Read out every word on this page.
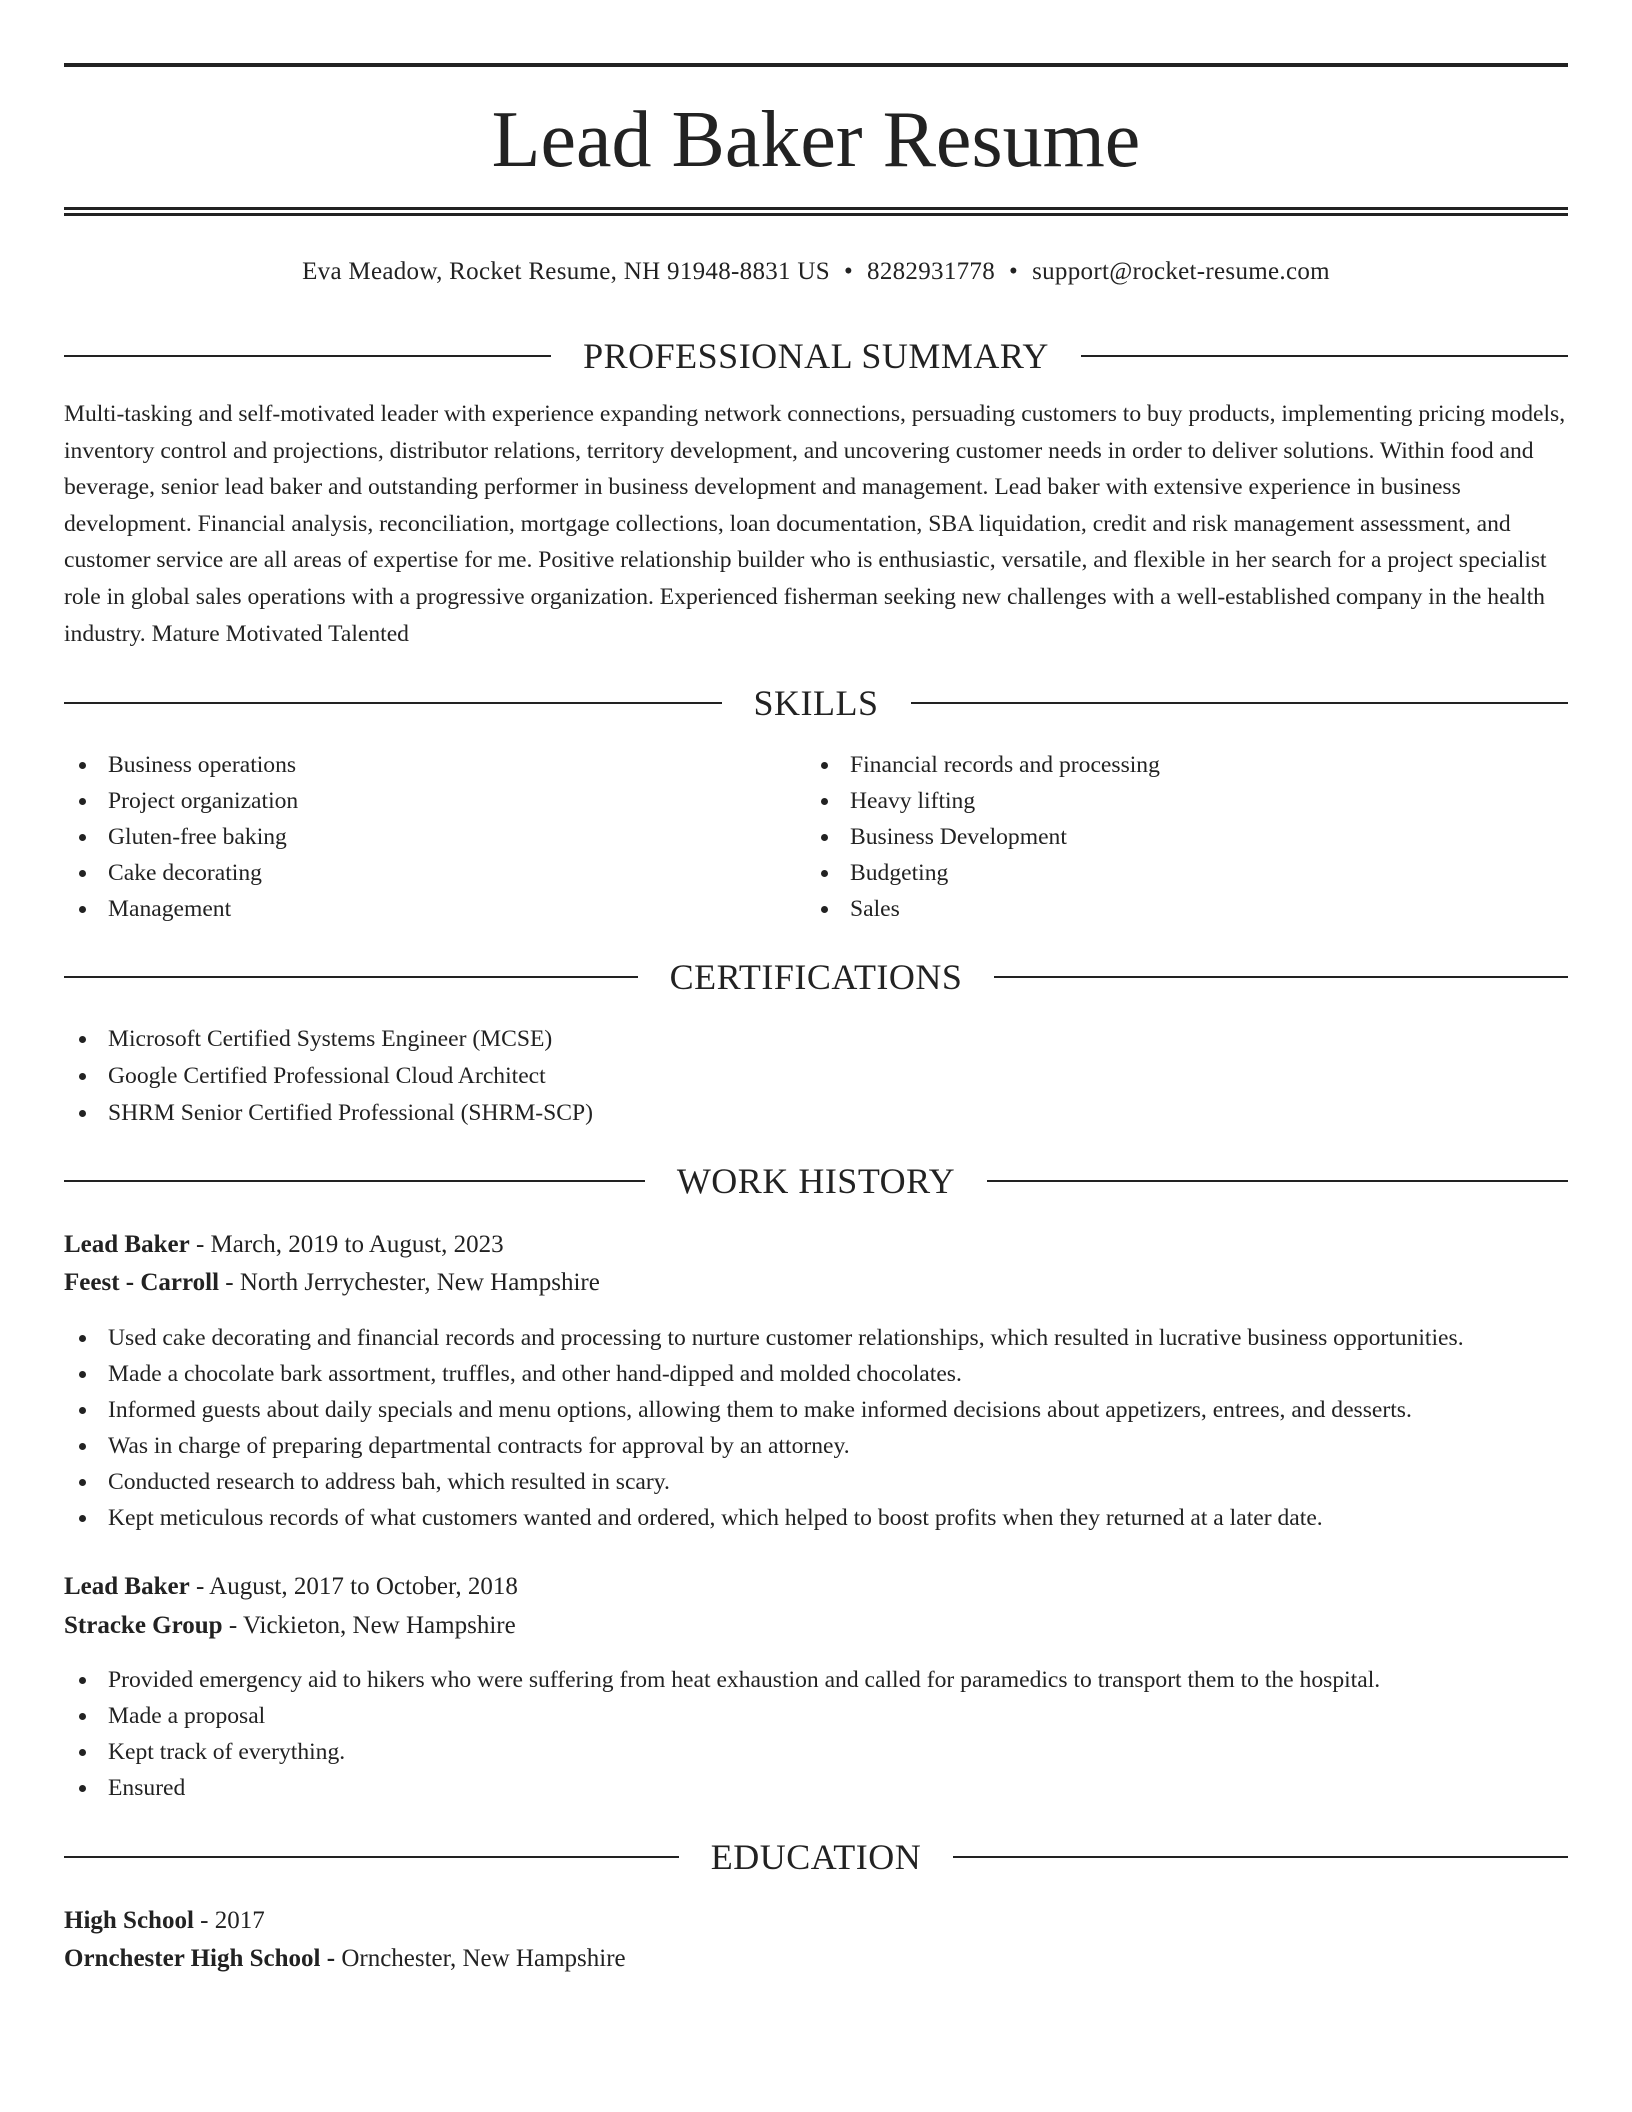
Lead Baker Resume
Eva Meadow, Rocket Resume, NH 91948-8831 US • 8282931778 • support@rocket-resume.com
PROFESSIONAL SUMMARY

Multi-tasking and self-motivated leader with experience expanding network connections, persuading customers to buy products, implementing pricing models, inventory control and projections, distributor relations, territory development, and uncovering customer needs in order to deliver solutions. Within food and beverage, senior lead baker and outstanding performer in business development and management. Lead baker with extensive experience in business development. Financial analysis, reconciliation, mortgage collections, loan documentation, SBA liquidation, credit and risk management assessment, and customer service are all areas of expertise for me. Positive relationship builder who is enthusiastic, versatile, and flexible in her search for a project specialist role in global sales operations with a progressive organization. Experienced fisherman seeking new challenges with a well-established company in the health industry. Mature Motivated Talented

SKILLS
Business operations
Project organization
Gluten-free baking
Cake decorating
Management
Financial records and processing
Heavy lifting
Business Development
Budgeting
Sales
CERTIFICATIONS
Microsoft Certified Systems Engineer (MCSE)
Google Certified Professional Cloud Architect
SHRM Senior Certified Professional (SHRM-SCP)
WORK HISTORY
Lead Baker - March, 2019 to August, 2023
Feest - Carroll - North Jerrychester, New Hampshire
Used cake decorating and financial records and processing to nurture customer relationships, which resulted in lucrative business opportunities.
Made a chocolate bark assortment, truffles, and other hand-dipped and molded chocolates.
Informed guests about daily specials and menu options, allowing them to make informed decisions about appetizers, entrees, and desserts.
Was in charge of preparing departmental contracts for approval by an attorney.
Conducted research to address bah, which resulted in scary.
Kept meticulous records of what customers wanted and ordered, which helped to boost profits when they returned at a later date.
Lead Baker - August, 2017 to October, 2018
Stracke Group - Vickieton, New Hampshire
Provided emergency aid to hikers who were suffering from heat exhaustion and called for paramedics to transport them to the hospital.
Made a proposal
Kept track of everything.
Ensured
EDUCATION
High School - 2017
Ornchester High School - Ornchester, New Hampshire
